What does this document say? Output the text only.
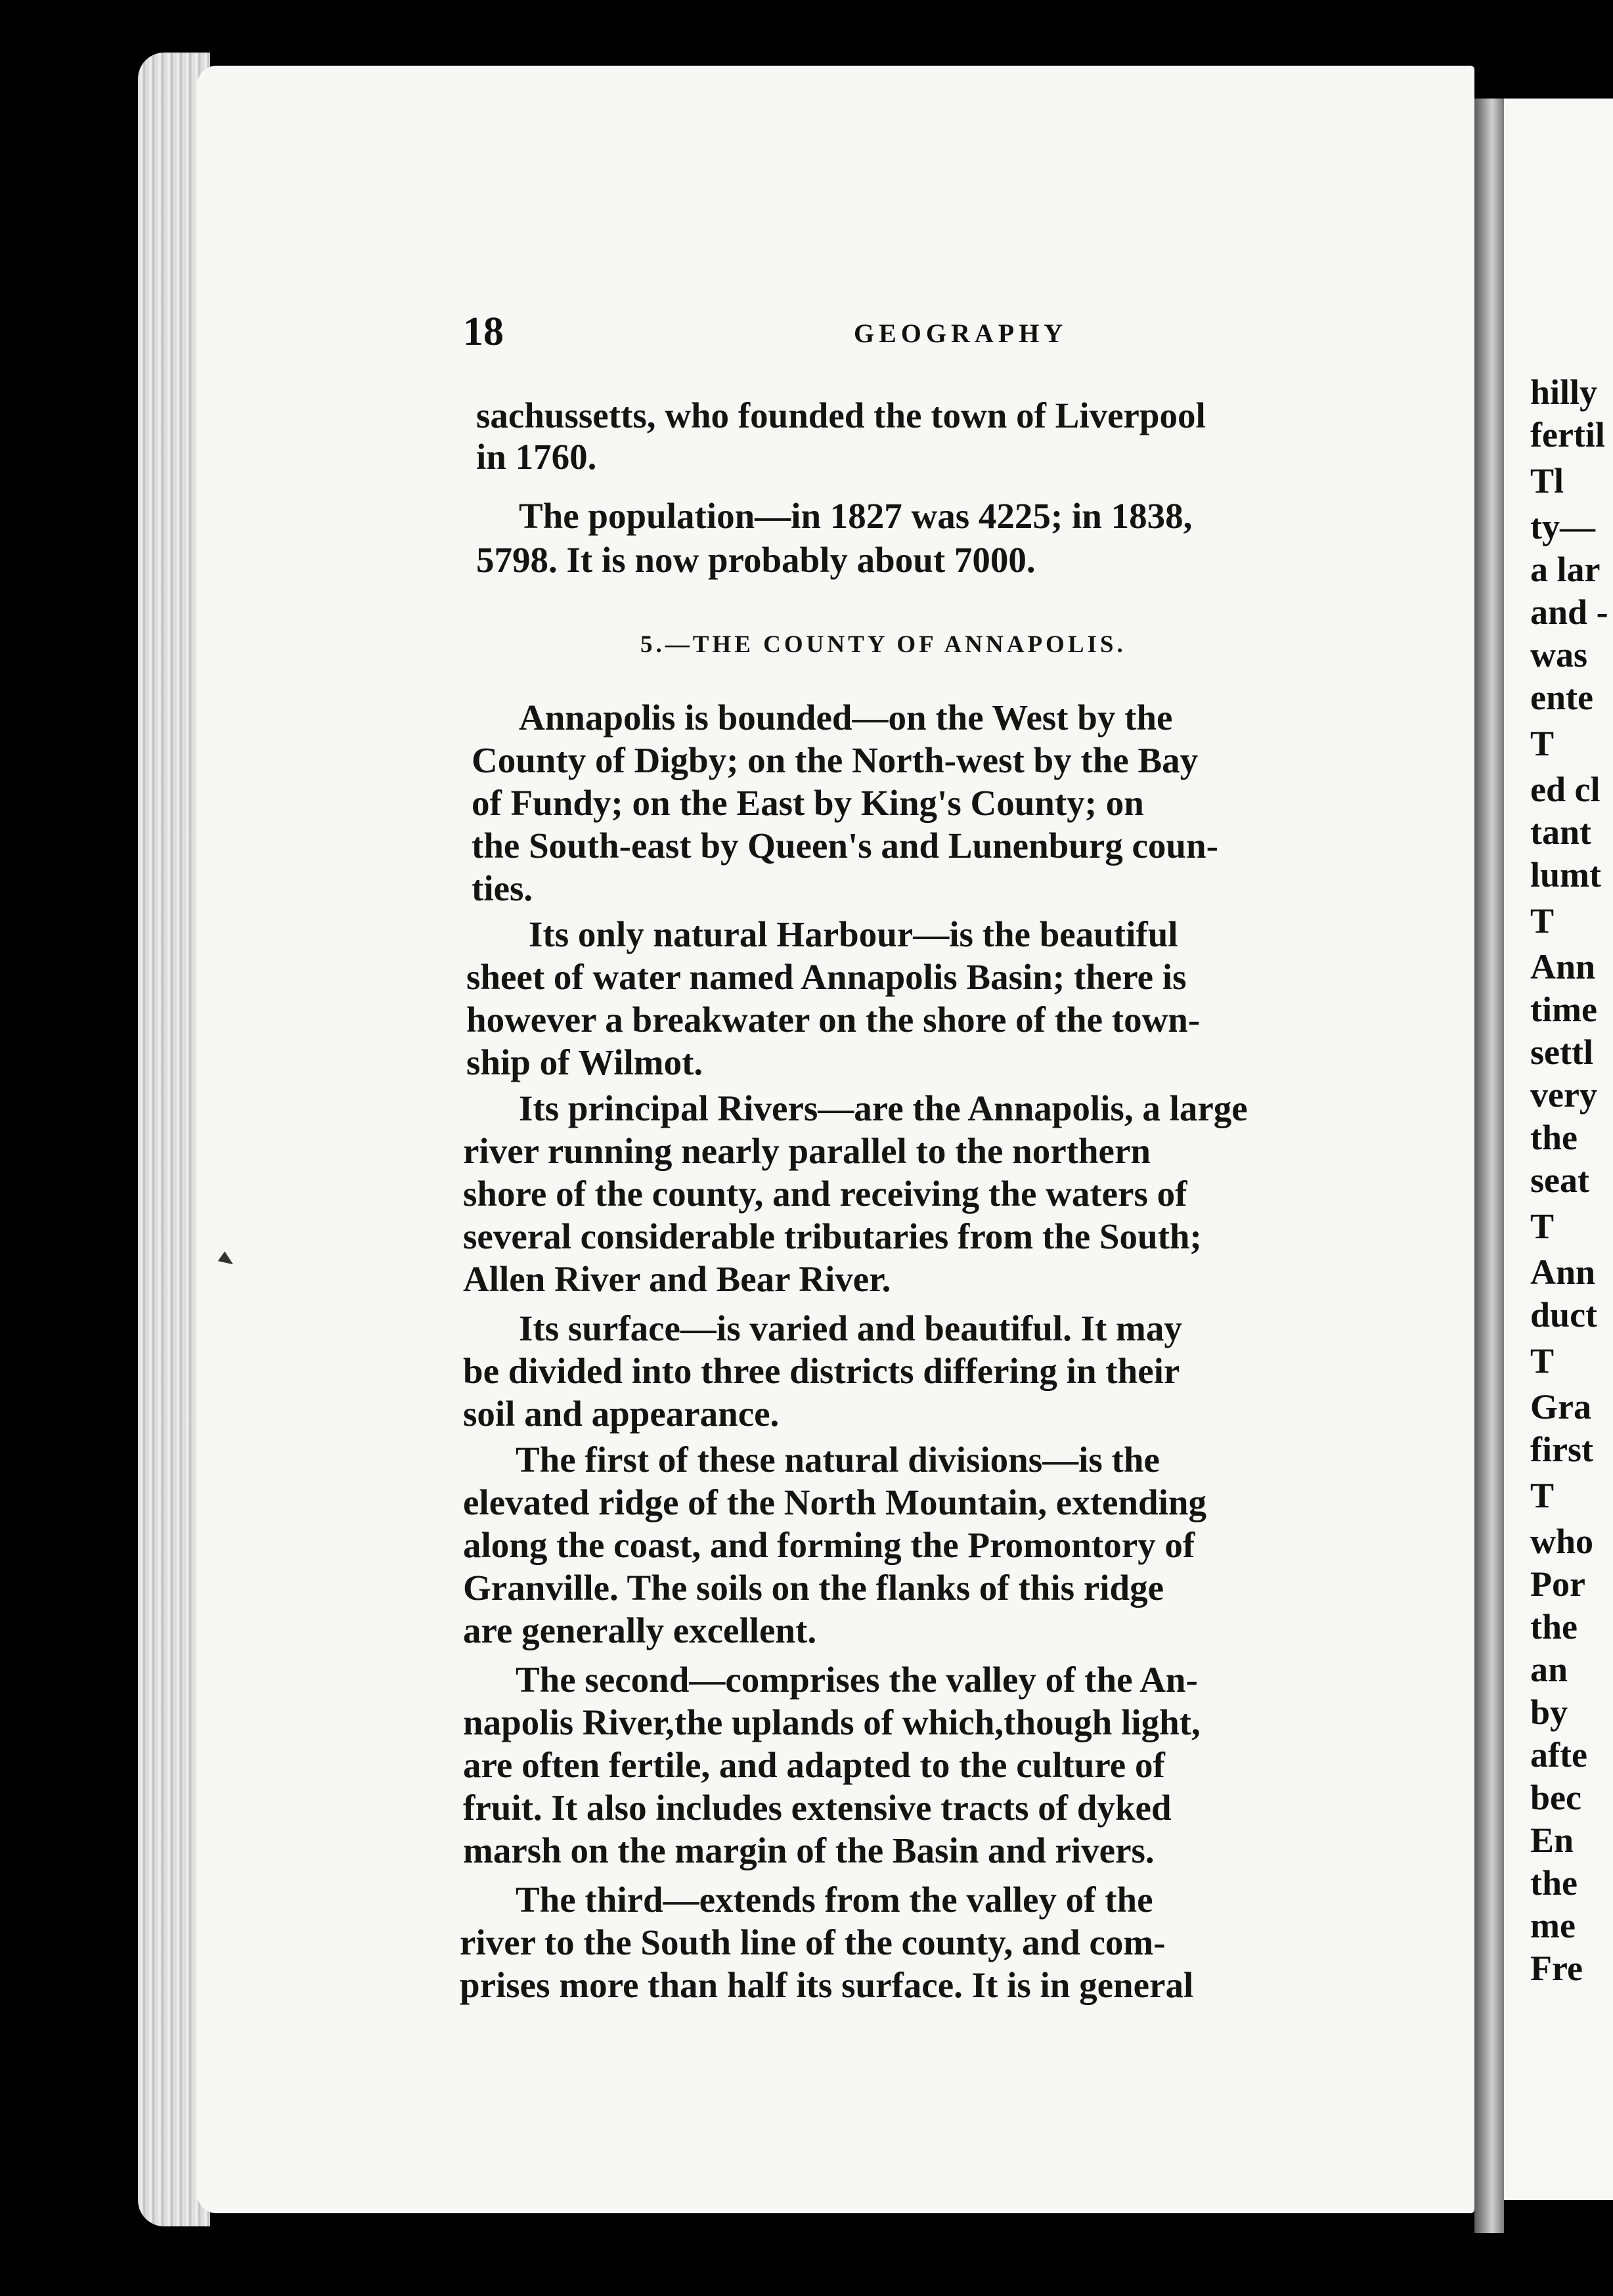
hilly
fertil
Tl
ty—
a lar
and -
was
ente
T
ed cl
tant
lumt
T
Ann
time
settl
very
the
seat
T
Ann
duct
T
Gra
first
T
who
Por
the
an
by
afte
bec
En
the
me
Fre
18	GEOGRAPHY
sachussetts, who founded the town of Liverpool
in 1760.
The population—in 1827 was 4225; in 1838,
5798. It is now probably about 7000.
5.—THE COUNTY OF ANNAPOLIS.
Annapolis is bounded—on the West by the
County of Digby; on the North-west by the Bay
of Fundy; on the East by King's County; on
the South-east by Queen's and Lunenburg coun-
ties.
Its only natural Harbour—is the beautiful
sheet of water named Annapolis Basin; there is
however a breakwater on the shore of the town-
ship of Wilmot.
Its principal Rivers—are the Annapolis, a large
river running nearly parallel to the northern
shore of the county, and receiving the waters of
several considerable tributaries from the South;
Allen River and Bear River.
Its surface—is varied and beautiful. It may
be divided into three districts differing in their
soil and appearance.
The first of these natural divisions—is the
elevated ridge of the North Mountain, extending
along the coast, and forming the Promontory of
Granville. The soils on the flanks of this ridge
are generally excellent.
The second—comprises the valley of the An-
napolis River,the uplands of which,though light,
are often fertile, and adapted to the culture of
fruit. It also includes extensive tracts of dyked
marsh on the margin of the Basin and rivers.
The third—extends from the valley of the
river to the South line of the county, and com-
prises more than half its surface. It is in general
